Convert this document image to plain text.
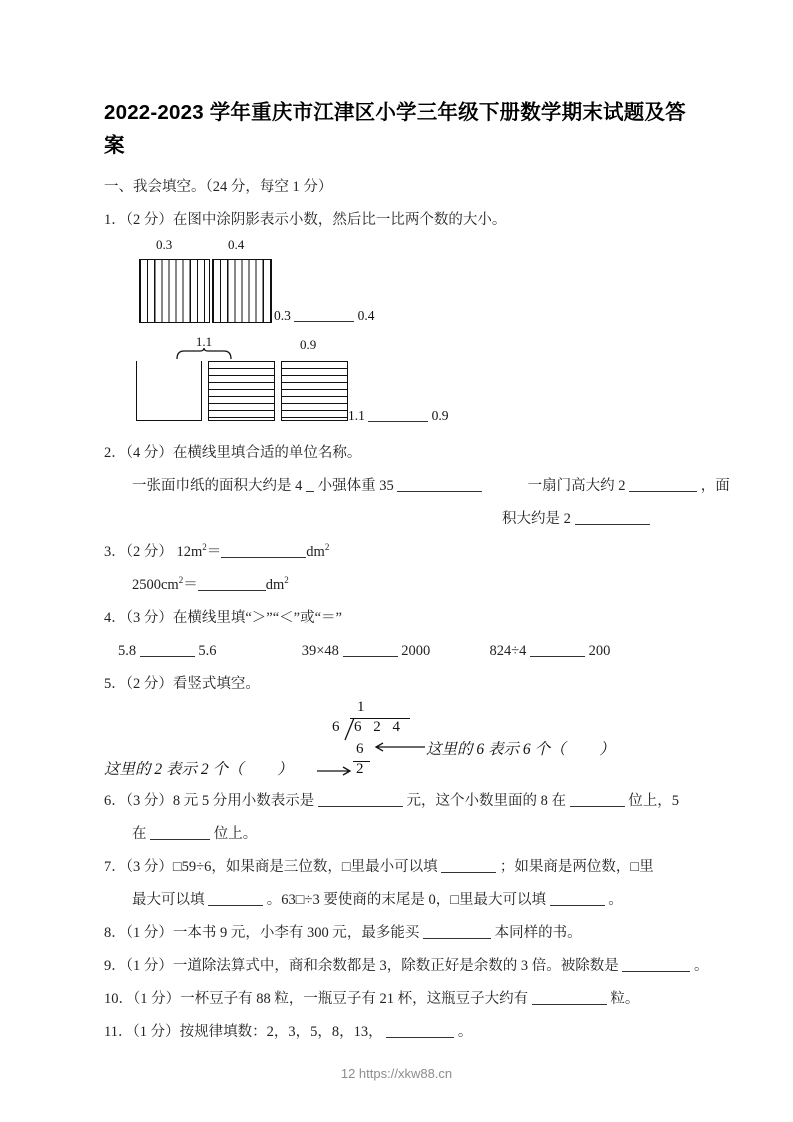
2022-2023 学年重庆市江津区小学三年级下册数学期末试题及答案
一、我会填空。（24 分，每空 1 分）
1．（2 分）在图中涂阴影表示小数，然后比一比两个数的大小。
0.3	0.4
0.3	0.4
1.1	0.9
1.1	0.9
2．（4 分）在横线里填合适的单位名称。
一张面巾纸的面积大约是 4 小强体重 35	一扇门高大约 2	，面
积大约是 2
3．（2 分） $12m^2=$	$dm^2$
$2500cm^2=$	$dm^2$
4．（3 分）在横线里填“＞”“＜”或“＝”
5.8	5.6	39×48	2000	824÷4	200
5．（2 分）看竖式填空。
1
6 6 2 4
6
2
这里的 2 表示 2 个（ ）
这里的 6 表示 6 个（ ）
6．（3 分）8 元 5 分用小数表示是	元，这个小数里面的 8 在	位上，5
在	位上。
7．（3 分）□59÷6，如果商是三位数，□里最小可以填	；如果商是两位数，□里
最大可以填	。63□÷3 要使商的末尾是 0，□里最大可以填	。
8．（1 分）一本书 9 元，小李有 300 元，最多能买	本同样的书。
9．（1 分）一道除法算式中，商和余数都是 3，除数正好是余数的 3 倍。被除数是	。
10．（1 分）一杯豆子有 88 粒，一瓶豆子有 21 杯，这瓶豆子大约有	粒。
11．（1 分）按规律填数：2，3，5，8，13，	。
12 https://xkw88.cn
